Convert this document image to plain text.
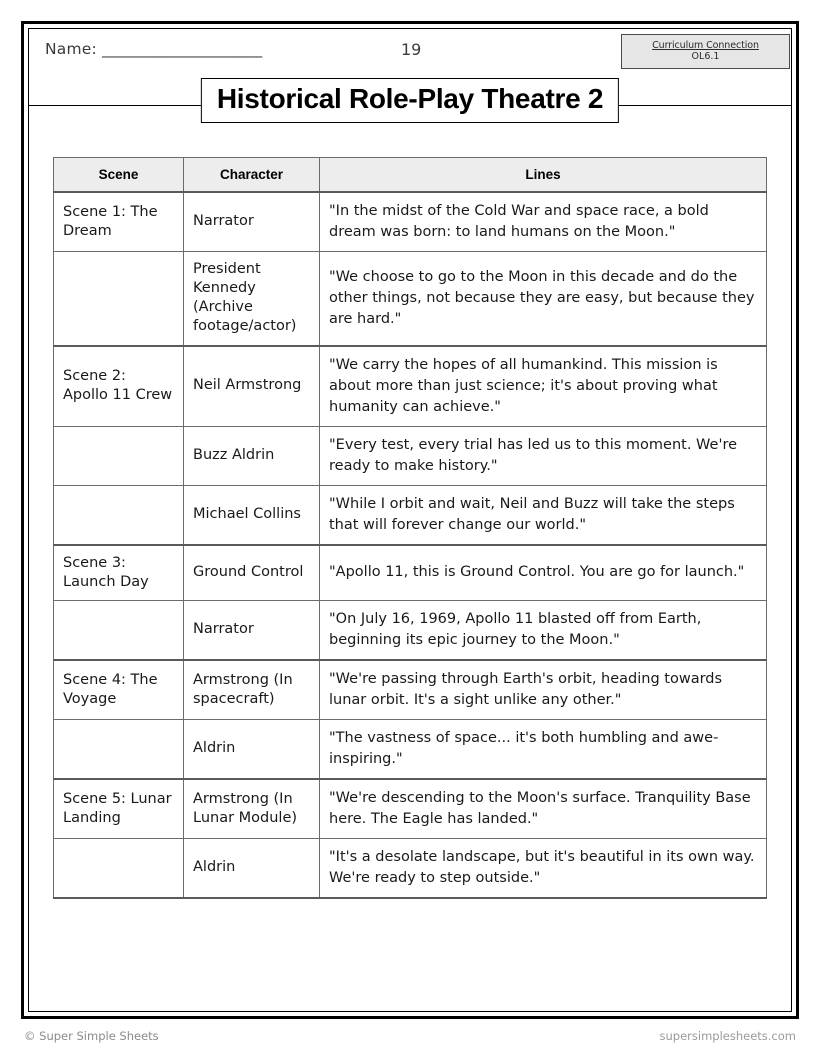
Name: ______________________	19	Curriculum Connection
OL6.1
Historical Role-Play Theatre 2
Scene	Character	Lines
Scene 1: The Dream	Narrator	"In the midst of the Cold War and space race, a bold dream was born: to land humans on the Moon."
	President Kennedy (Archive footage/actor)	"We choose to go to the Moon in this decade and do the other things, not because they are easy, but because they are hard."
Scene 2: Apollo 11 Crew	Neil Armstrong	"We carry the hopes of all humankind. This mission is about more than just science; it's about proving what humanity can achieve."
	Buzz Aldrin	"Every test, every trial has led us to this moment. We're ready to make history."
	Michael Collins	"While I orbit and wait, Neil and Buzz will take the steps that will forever change our world."
Scene 3: Launch Day	Ground Control	"Apollo 11, this is Ground Control. You are go for launch."
	Narrator	"On July 16, 1969, Apollo 11 blasted off from Earth, beginning its epic journey to the Moon."
Scene 4: The Voyage	Armstrong (In spacecraft)	"We're passing through Earth's orbit, heading towards lunar orbit. It's a sight unlike any other."
	Aldrin	"The vastness of space... it's both humbling and awe-inspiring."
Scene 5: Lunar Landing	Armstrong (In Lunar Module)	"We're descending to the Moon's surface. Tranquility Base here. The Eagle has landed."
	Aldrin	"It's a desolate landscape, but it's beautiful in its own way. We're ready to step outside."
© Super Simple Sheets	supersimplesheets.com
